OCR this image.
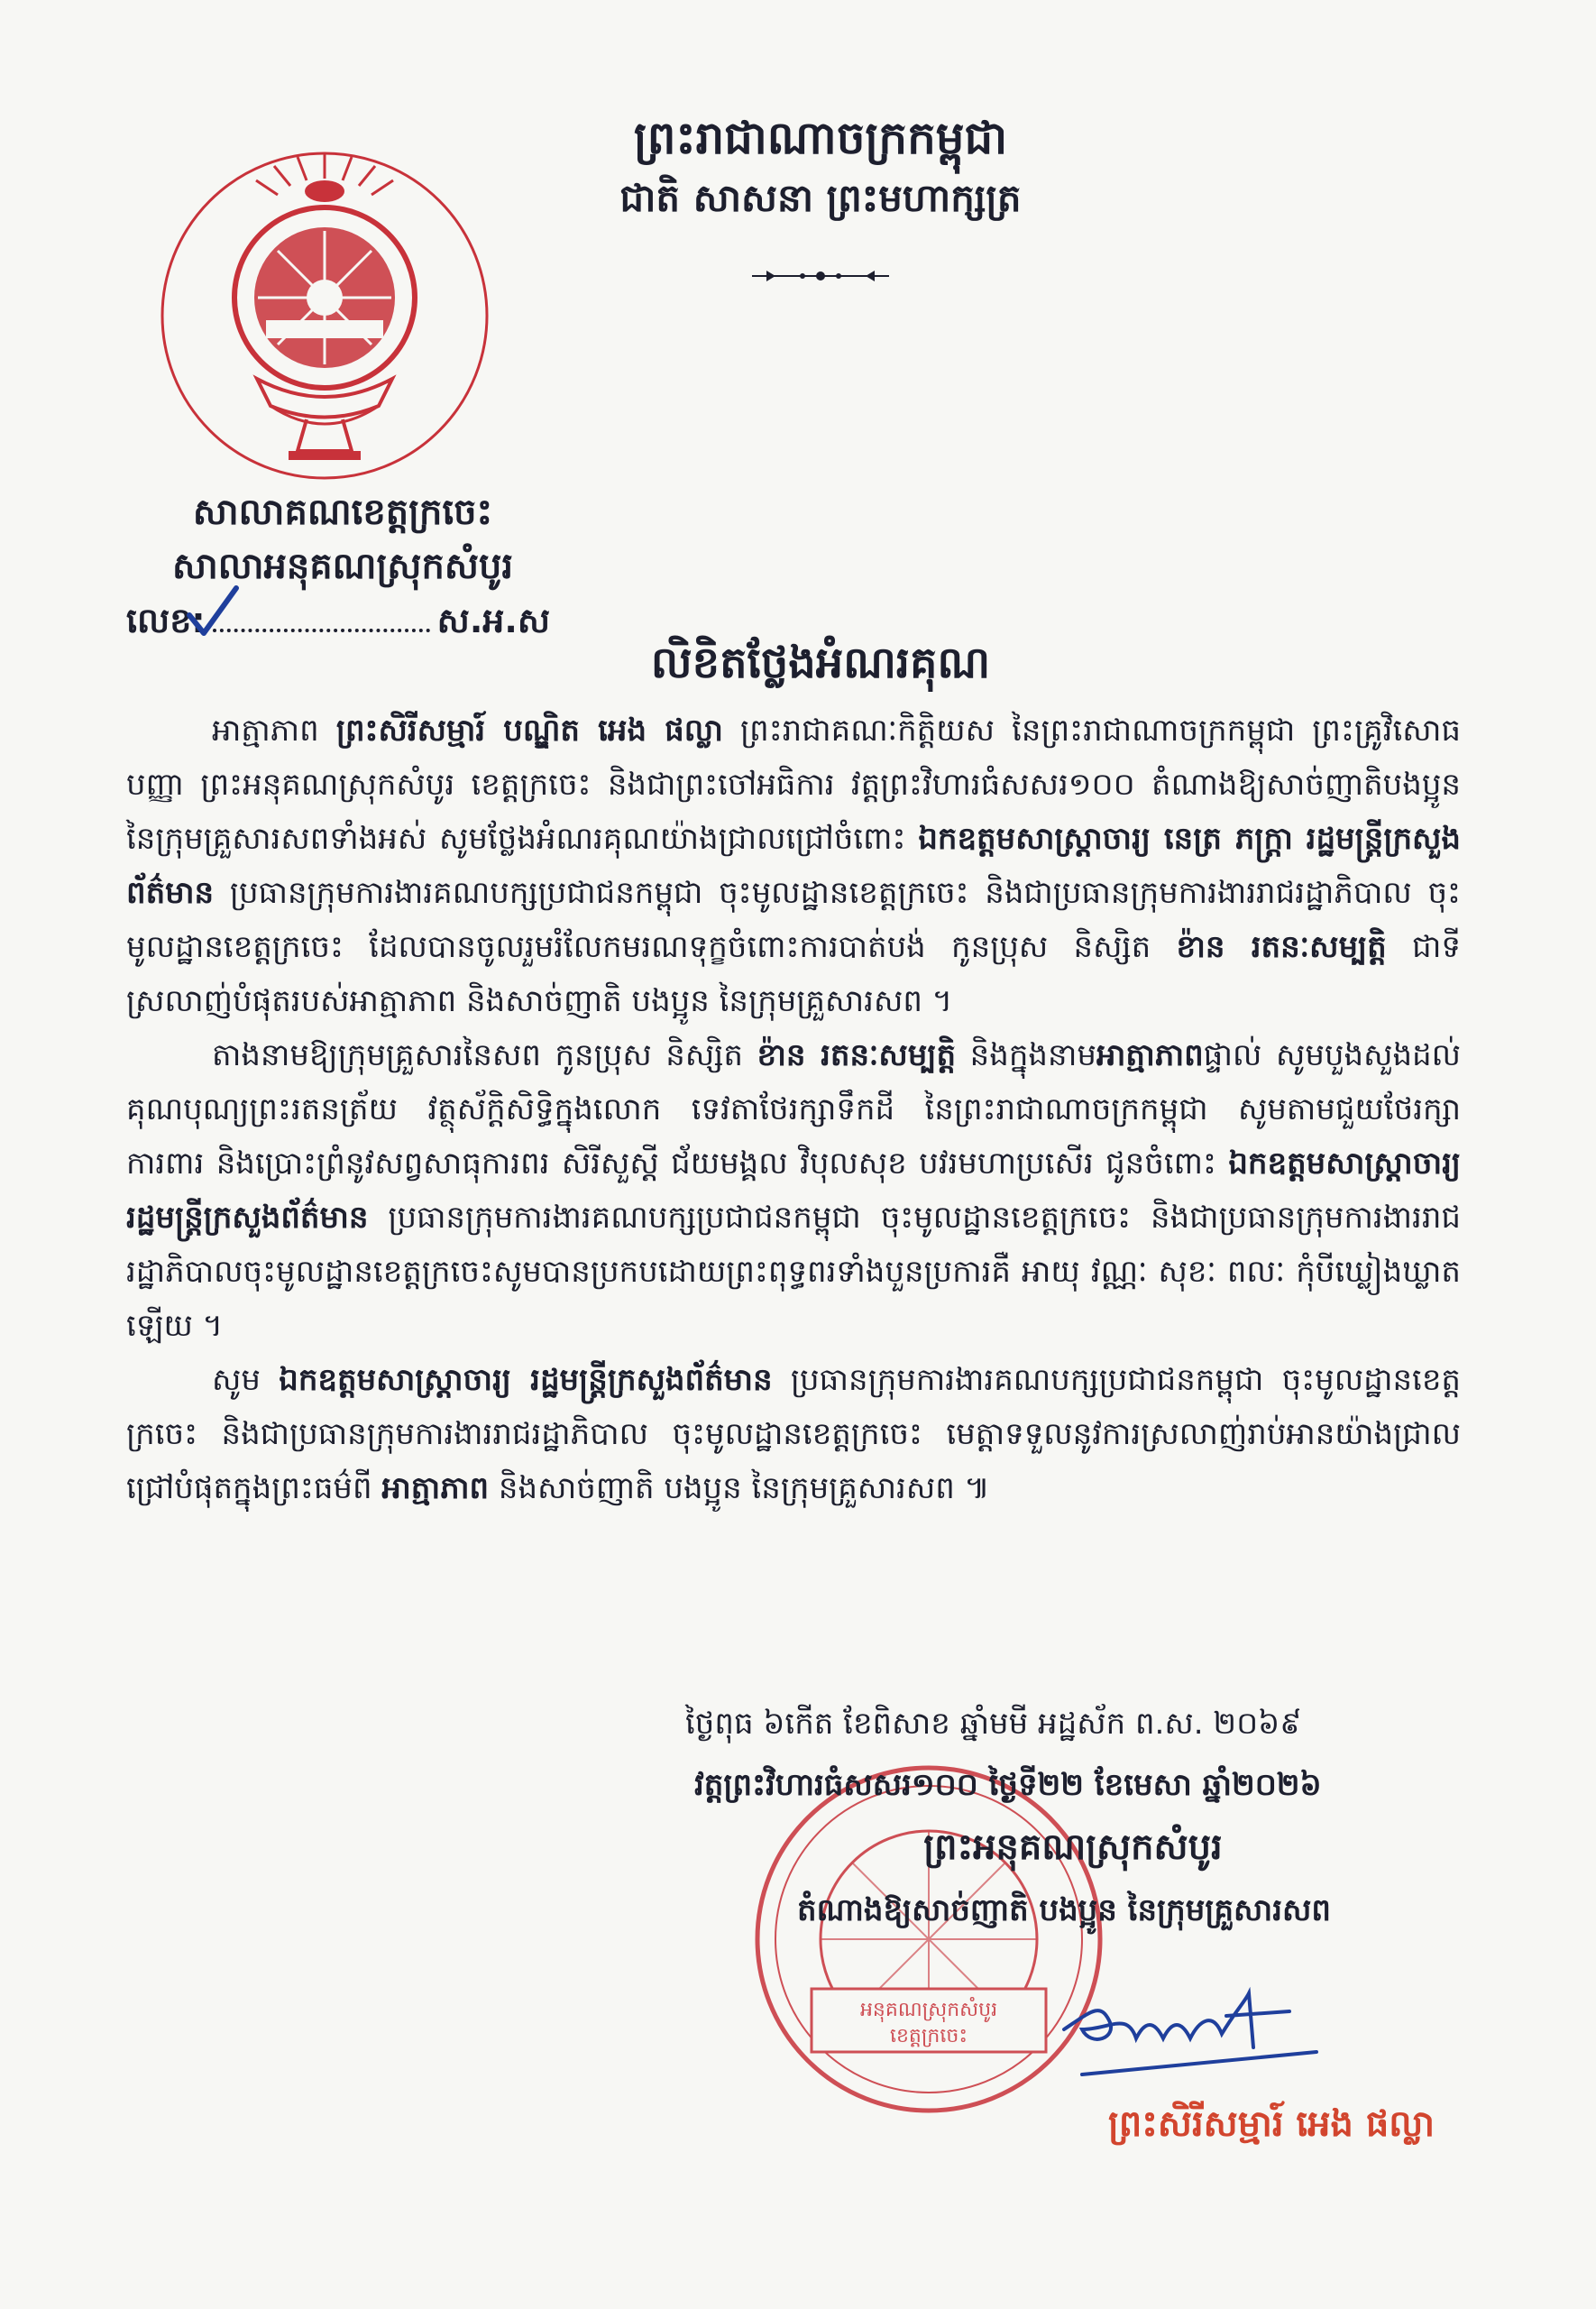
ព្រះរាជាណាចក្រកម្ពុជា
ជាតិ សាសនា ព្រះមហាក្សត្រ
សាលាគណខេត្តក្រចេះ
សាលាអនុគណស្រុកសំបូរ
លេខ:	ស.អ.ស
លិខិតថ្លែងអំណរគុណ

អាត្មាភាព ព្រះសិរីសម្មារ៍ បណ្ឌិត អេង ផល្លា ព្រះរាជាគណៈកិត្តិយស នៃព្រះរាជាណាចក្រកម្ពុជា ព្រះគ្រូវិសោធបញ្ញា ព្រះអនុគណស្រុកសំបូរ ខេត្តក្រចេះ និងជាព្រះចៅអធិការ វត្តព្រះវិហារធំសសរ១០០ តំណាងឱ្យសាច់ញាតិបងប្អូន នៃក្រុមគ្រួសារសពទាំងអស់ សូមថ្លែងអំណរគុណយ៉ាងជ្រាលជ្រៅចំពោះ ឯកឧត្តមសាស្ត្រាចារ្យ នេត្រ ភក្ត្រា រដ្ឋមន្ត្រីក្រសួងព័ត៌មាន ប្រធានក្រុមការងារគណបក្សប្រជាជនកម្ពុជា ចុះមូលដ្ឋានខេត្តក្រចេះ និងជាប្រធានក្រុមការងាររាជរដ្ឋាភិបាល ចុះមូលដ្ឋានខេត្តក្រចេះ ដែលបានចូលរួមរំលែកមរណទុក្ខចំពោះការបាត់បង់ កូនប្រុស និស្សិត ខ៉ាន រតនៈសម្បត្តិ ជាទីស្រលាញ់បំផុតរបស់អាត្មាភាព និងសាច់ញាតិ បងប្អូន នៃក្រុមគ្រួសារសព ។

តាងនាមឱ្យក្រុមគ្រួសារនៃសព កូនប្រុស និស្សិត ខ៉ាន រតនៈសម្បត្តិ និងក្នុងនាមអាត្មាភាពផ្ទាល់ សូមបួងសួងដល់គុណបុណ្យព្រះរតនត្រ័យ វត្ថុស័ក្តិសិទ្ធិក្នុងលោក ទេវតាថែរក្សាទឹកដី នៃព្រះរាជាណាចក្រកម្ពុជា សូមតាមជួយថែរក្សា ការពារ និងប្រោះព្រំនូវសព្វសាធុការពរ សិរីសួស្តី ជ័យមង្គល វិបុលសុខ បវរមហាប្រសើរ ជូនចំពោះ ឯកឧត្តមសាស្ត្រាចារ្យ រដ្ឋមន្ត្រីក្រសួងព័ត៌មាន ប្រធានក្រុមការងារគណបក្សប្រជាជនកម្ពុជា ចុះមូលដ្ឋានខេត្តក្រចេះ និងជាប្រធានក្រុមការងាររាជរដ្ឋាភិបាលចុះមូលដ្ឋានខេត្តក្រចេះសូមបានប្រកបដោយព្រះពុទ្ធពរទាំងបួនប្រការគឺ អាយុ វណ្ណៈ សុខៈ ពលៈ កុំបីឃ្លៀងឃ្លាតឡើយ ។

សូម ឯកឧត្តមសាស្ត្រាចារ្យ រដ្ឋមន្ត្រីក្រសួងព័ត៌មាន ប្រធានក្រុមការងារគណបក្សប្រជាជនកម្ពុជា ចុះមូលដ្ឋានខេត្តក្រចេះ និងជាប្រធានក្រុមការងាររាជរដ្ឋាភិបាល ចុះមូលដ្ឋានខេត្តក្រចេះ មេត្តាទទួលនូវការស្រលាញ់រាប់អានយ៉ាងជ្រាលជ្រៅបំផុតក្នុងព្រះធម៌ពី អាត្មាភាព និងសាច់ញាតិ បងប្អូន នៃក្រុមគ្រួសារសព ៕

អនុគណស្រុកសំបូរ
ខេត្តក្រចេះ
ថ្ងៃពុធ ៦កើត ខែពិសាខ ឆ្នាំមមី អដ្ឋស័ក ព.ស. ២០៦៩
វត្តព្រះវិហារធំសសរ១០០ ថ្ងៃទី២២ ខែមេសា ឆ្នាំ២០២៦
ព្រះអនុគណស្រុកសំបូរ
តំណាងឱ្យសាច់ញាតិ បងប្អូន នៃក្រុមគ្រួសារសព
ព្រះសិរីសម្មារ៍ អេង ផល្លា
